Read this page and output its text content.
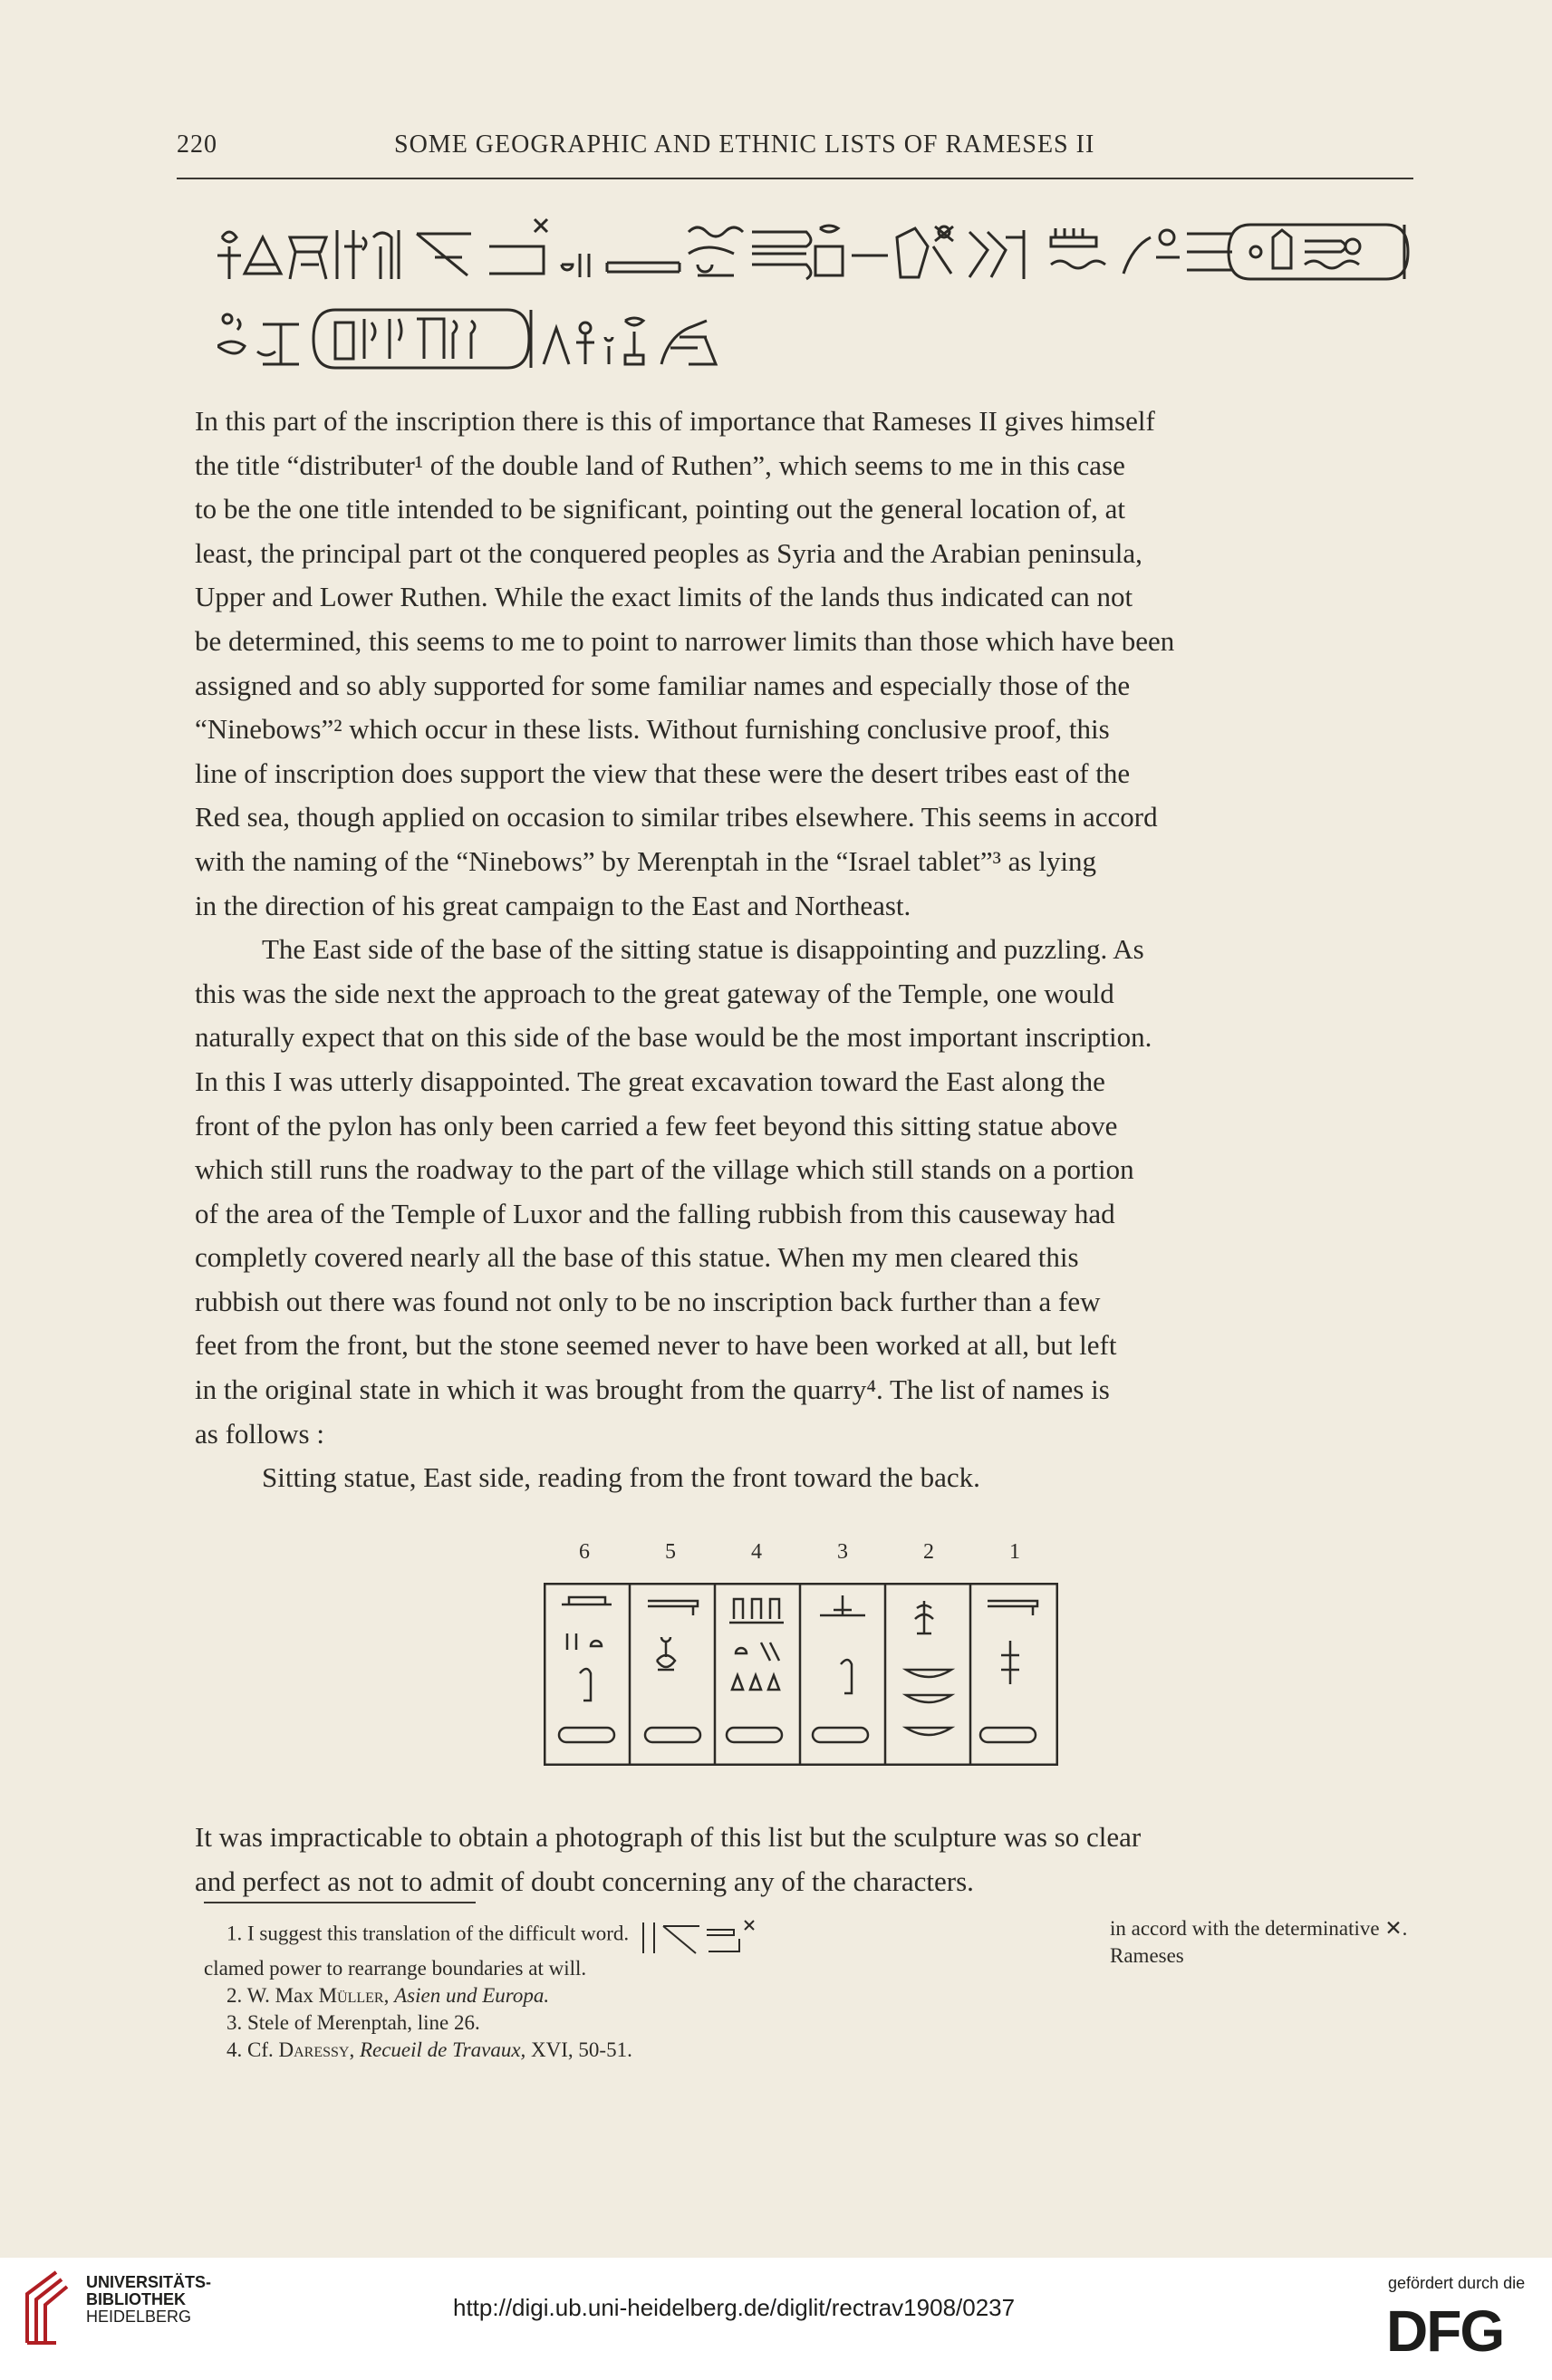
220	SOME GEOGRAPHIC AND ETHNIC LISTS OF RAMESES II

In this part of the inscription there is this of importance that Rameses II gives himself
the title “distributer¹ of the double land of Ruthen”, which seems to me in this case
to be the one title intended to be significant, pointing out the general location of, at
least, the principal part ot the conquered peoples as Syria and the Arabian peninsula,
Upper and Lower Ruthen. While the exact limits of the lands thus indicated can not
be determined, this seems to me to point to narrower limits than those which have been
assigned and so ably supported for some familiar names and especially those of the
“Ninebows”² which occur in these lists. Without furnishing conclusive proof, this
line of inscription does support the view that these were the desert tribes east of the
Red sea, though applied on occasion to similar tribes elsewhere. This seems in accord
with the naming of the “Ninebows” by Merenptah in the “Israel tablet”³ as lying
in the direction of his great campaign to the East and Northeast.

The East side of the base of the sitting statue is disappointing and puzzling. As
this was the side next the approach to the great gateway of the Temple, one would
naturally expect that on this side of the base would be the most important inscription.
In this I was utterly disappointed. The great excavation toward the East along the
front of the pylon has only been carried a few feet beyond this sitting statue above
which still runs the roadway to the part of the village which still stands on a portion
of the area of the Temple of Luxor and the falling rubbish from this causeway had
completly covered nearly all the base of this statue. When my men cleared this
rubbish out there was found not only to be no inscription back further than a few
feet from the front, but the stone seemed never to have been worked at all, but left
in the original state in which it was brought from the quarry⁴. The list of names is
as follows :

Sitting statue, East side, reading from the front toward the back.

6	5	4	3	2	1
It was impracticable to obtain a photograph of this list but the sculpture was so clear
and perfect as not to admit of doubt concerning any of the characters.
1. I suggest this translation of the difficult word.	in accord with the determinative ✕. Rameses
clamed power to rearrange boundaries at will.
2. W. Max Müller, Asien und Europa.
3. Stele of Merenptah, line 26.
4. Cf. Daressy, Recueil de Travaux, XVI, 50-51.
UNIVERSITÄTS-
BIBLIOTHEK
HEIDELBERG	http://digi.ub.uni-heidelberg.de/diglit/rectrav1908/0237
gefördert durch die
DFG
